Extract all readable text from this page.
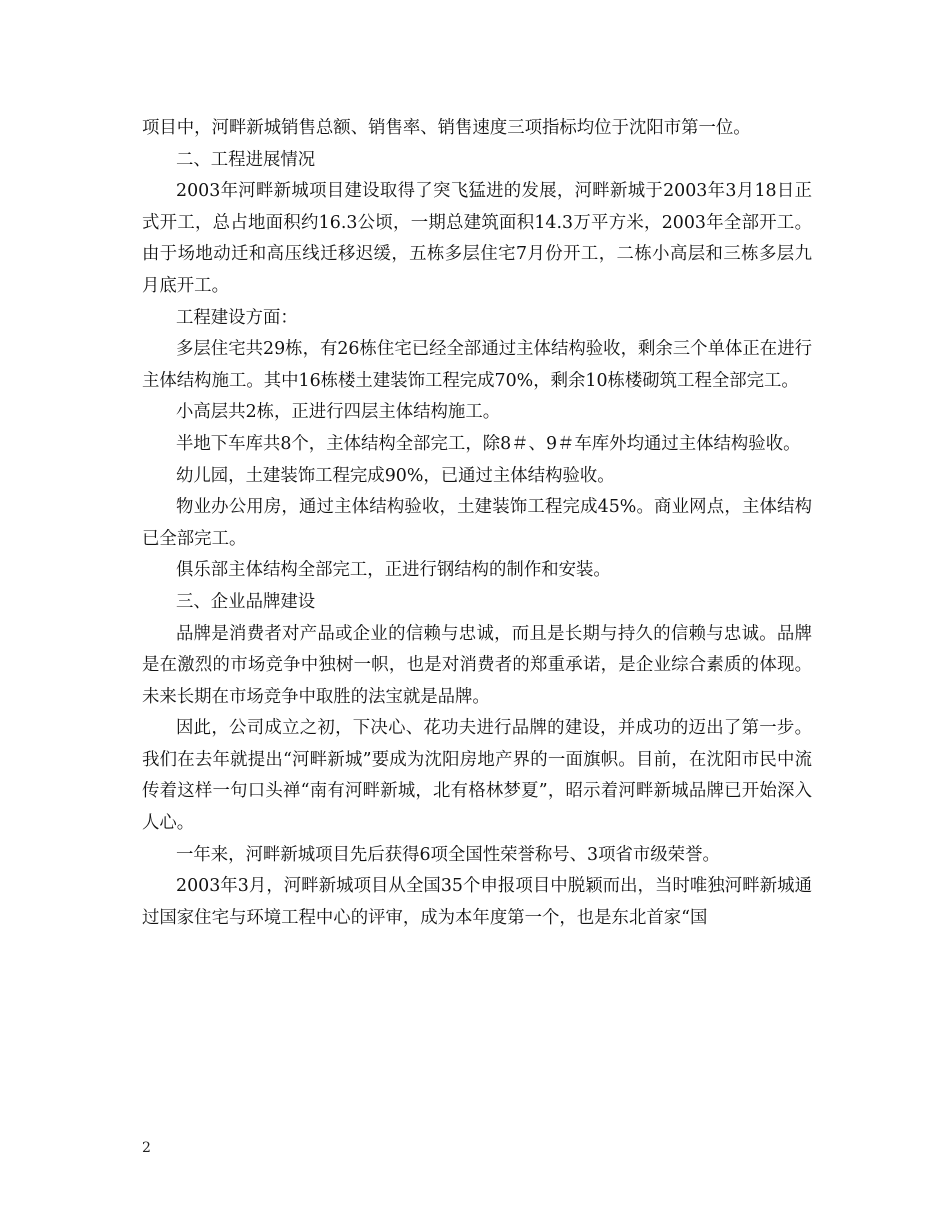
项目中，河畔新城销售总额、销售率、销售速度三项指标均位于沈阳市第一位。

二、工程进展情况

2003年河畔新城项目建设取得了突飞猛进的发展，河畔新城于2003年3月18日正式开工，总占地面积约16.3公顷，一期总建筑面积14.3万平方米，2003年全部开工。由于场地动迁和高压线迁移迟缓，五栋多层住宅7月份开工，二栋小高层和三栋多层九月底开工。

工程建设方面：

多层住宅共29栋，有26栋住宅已经全部通过主体结构验收，剩余三个单体正在进行主体结构施工。其中16栋楼土建装饰工程完成70%，剩余10栋楼砌筑工程全部完工。

小高层共2栋，正进行四层主体结构施工。

半地下车库共8个，主体结构全部完工，除8＃、9＃车库外均通过主体结构验收。

幼儿园，土建装饰工程完成90%，已通过主体结构验收。

物业办公用房，通过主体结构验收，土建装饰工程完成45%。商业网点，主体结构已全部完工。

俱乐部主体结构全部完工，正进行钢结构的制作和安装。

三、企业品牌建设

品牌是消费者对产品或企业的信赖与忠诚，而且是长期与持久的信赖与忠诚。品牌是在激烈的市场竞争中独树一帜，也是对消费者的郑重承诺，是企业综合素质的体现。未来长期在市场竞争中取胜的法宝就是品牌。

因此，公司成立之初，下决心、花功夫进行品牌的建设，并成功的迈出了第一步。我们在去年就提出“河畔新城”要成为沈阳房地产界的一面旗帜。目前，在沈阳市民中流传着这样一句口头禅“南有河畔新城，北有格林梦夏”，昭示着河畔新城品牌已开始深入人心。

一年来，河畔新城项目先后获得6项全国性荣誉称号、3项省市级荣誉。

2003年3月，河畔新城项目从全国35个申报项目中脱颖而出，当时唯独河畔新城通过国家住宅与环境工程中心的评审，成为本年度第一个，也是东北首家“国

2
